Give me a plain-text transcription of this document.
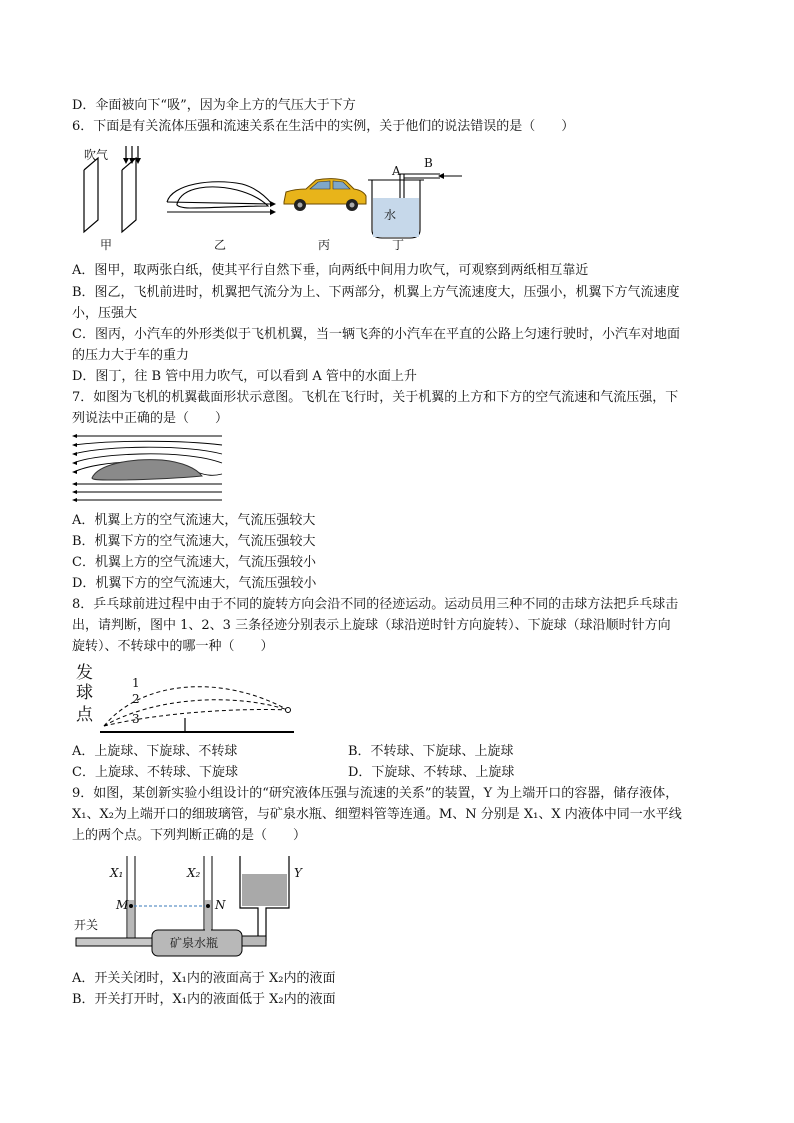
D．伞面被向下“吸”，因为伞上方的气压大于下方
6．下面是有关流体压强和流速关系在生活中的实例，关于他们的说法错误的是（　　）
吹气
甲	乙	丙	丁
A
B
水
A．图甲，取两张白纸，使其平行自然下垂，向两纸中间用力吹气，可观察到两纸相互靠近
B．图乙，飞机前进时，机翼把气流分为上、下两部分，机翼上方气流速度大，压强小，机翼下方气流速度
小，压强大
C．图丙，小汽车的外形类似于飞机机翼，当一辆飞奔的小汽车在平直的公路上匀速行驶时，小汽车对地面
的压力大于车的重力
D．图丁，往 B 管中用力吹气，可以看到 A 管中的水面上升
7．如图为飞机的机翼截面形状示意图。飞机在飞行时，关于机翼的上方和下方的空气流速和气流压强，下
列说法中正确的是（　　）
A．机翼上方的空气流速大，气流压强较大
B．机翼下方的空气流速大，气流压强较大
C．机翼上方的空气流速大，气流压强较小
D．机翼下方的空气流速大，气流压强较小
8．乒乓球前进过程中由于不同的旋转方向会沿不同的径迹运动。运动员用三种不同的击球方法把乒乓球击
出，请判断，图中 1、2、3 三条径迹分别表示上旋球（球沿逆时针方向旋转）、下旋球（球沿顺时针方向
旋转）、不转球中的哪一种（　　）
发
球
点
1
2
3
A．上旋球、下旋球、不转球	B．不转球、下旋球、上旋球
C．上旋球、不转球、下旋球	D．下旋球、不转球、上旋球
9．如图，某创新实验小组设计的“研究液体压强与流速的关系”的装置，Y 为上端开口的容器，储存液体，
X₁、X₂为上端开口的细玻璃管，与矿泉水瓶、细塑料管等连通。M、N 分别是 X₁、X 内液体中同一水平线
上的两个点。下列判断正确的是（　　）
X₁	X₂	Y
M	N
开关
矿泉水瓶
A．开关关闭时，X₁内的液面高于 X₂内的液面
B．开关打开时，X₁内的液面低于 X₂内的液面
